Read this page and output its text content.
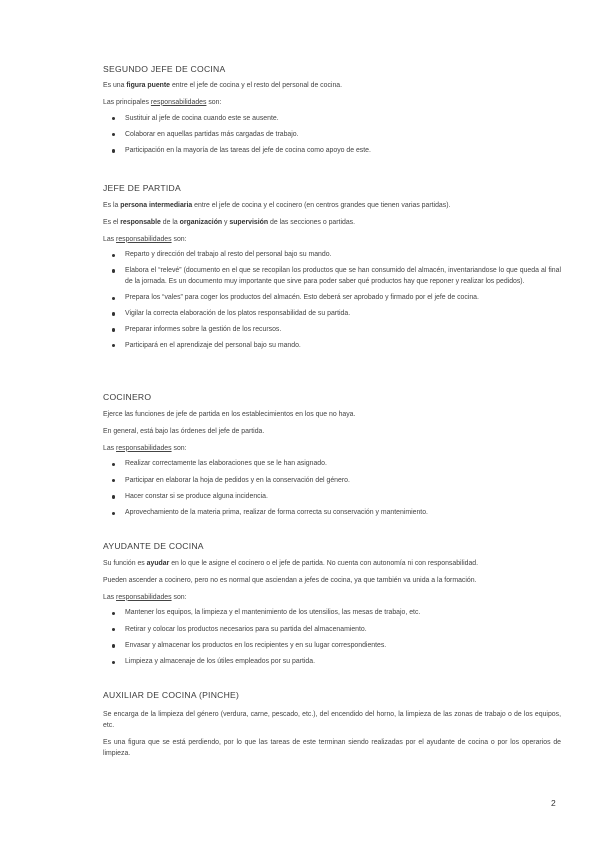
SEGUNDO JEFE DE COCINA

Es una figura puente entre el jefe de cocina y el resto del personal de cocina.

Las principales responsabilidades son:

Sustituir al jefe de cocina cuando este se ausente.
Colaborar en aquellas partidas más cargadas de trabajo.
Participación en la mayoría de las tareas del jefe de cocina como apoyo de este.
JEFE DE PARTIDA

Es la persona intermediaria entre el jefe de cocina y el cocinero (en centros grandes que tienen varias partidas).

Es el responsable de la organización y supervisión de las secciones o partidas.

Las responsabilidades son:

Reparto y dirección del trabajo al resto del personal bajo su mando.
Elabora el “relevé” (documento en el que se recopilan los productos que se han consumido del almacén, inventariandose lo que queda al final de la jornada. Es un documento muy importante que sirve para poder saber qué productos hay que reponer y realizar los pedidos).
Prepara los “vales” para coger los productos del almacén. Esto deberá ser aprobado y firmado por el jefe de cocina.
Vigilar la correcta elaboración de los platos responsabilidad de su partida.
Preparar informes sobre la gestión de los recursos.
Participará en el aprendizaje del personal bajo su mando.
COCINERO

Ejerce las funciones de jefe de partida en los establecimientos en los que no haya.

En general, está bajo las órdenes del jefe de partida.

Las responsabilidades son:

Realizar correctamente las elaboraciones que se le han asignado.
Participar en elaborar la hoja de pedidos y en la conservación del género.
Hacer constar si se produce alguna incidencia.
Aprovechamiento de la materia prima, realizar de forma correcta su conservación y mantenimiento.
AYUDANTE DE COCINA

Su función es ayudar en lo que le asigne el cocinero o el jefe de partida. No cuenta con autonomía ni con responsabilidad.

Pueden ascender a cocinero, pero no es normal que asciendan a jefes de cocina, ya que también va unida a la formación.

Las responsabilidades son:

Mantener los equipos, la limpieza y el mantenimiento de los utensilios, las mesas de trabajo, etc.
Retirar y colocar los productos necesarios para su partida del almacenamiento.
Envasar y almacenar los productos en los recipientes y en su lugar correspondientes.
Limpieza y almacenaje de los útiles empleados por su partida.
AUXILIAR DE COCINA (PINCHE)

Se encarga de la limpieza del género (verdura, carne, pescado, etc.), del encendido del horno, la limpieza de las zonas de trabajo o de los equipos, etc.

Es una figura que se está perdiendo, por lo que las tareas de este terminan siendo realizadas por el ayudante de cocina o por los operarios de limpieza.

2
